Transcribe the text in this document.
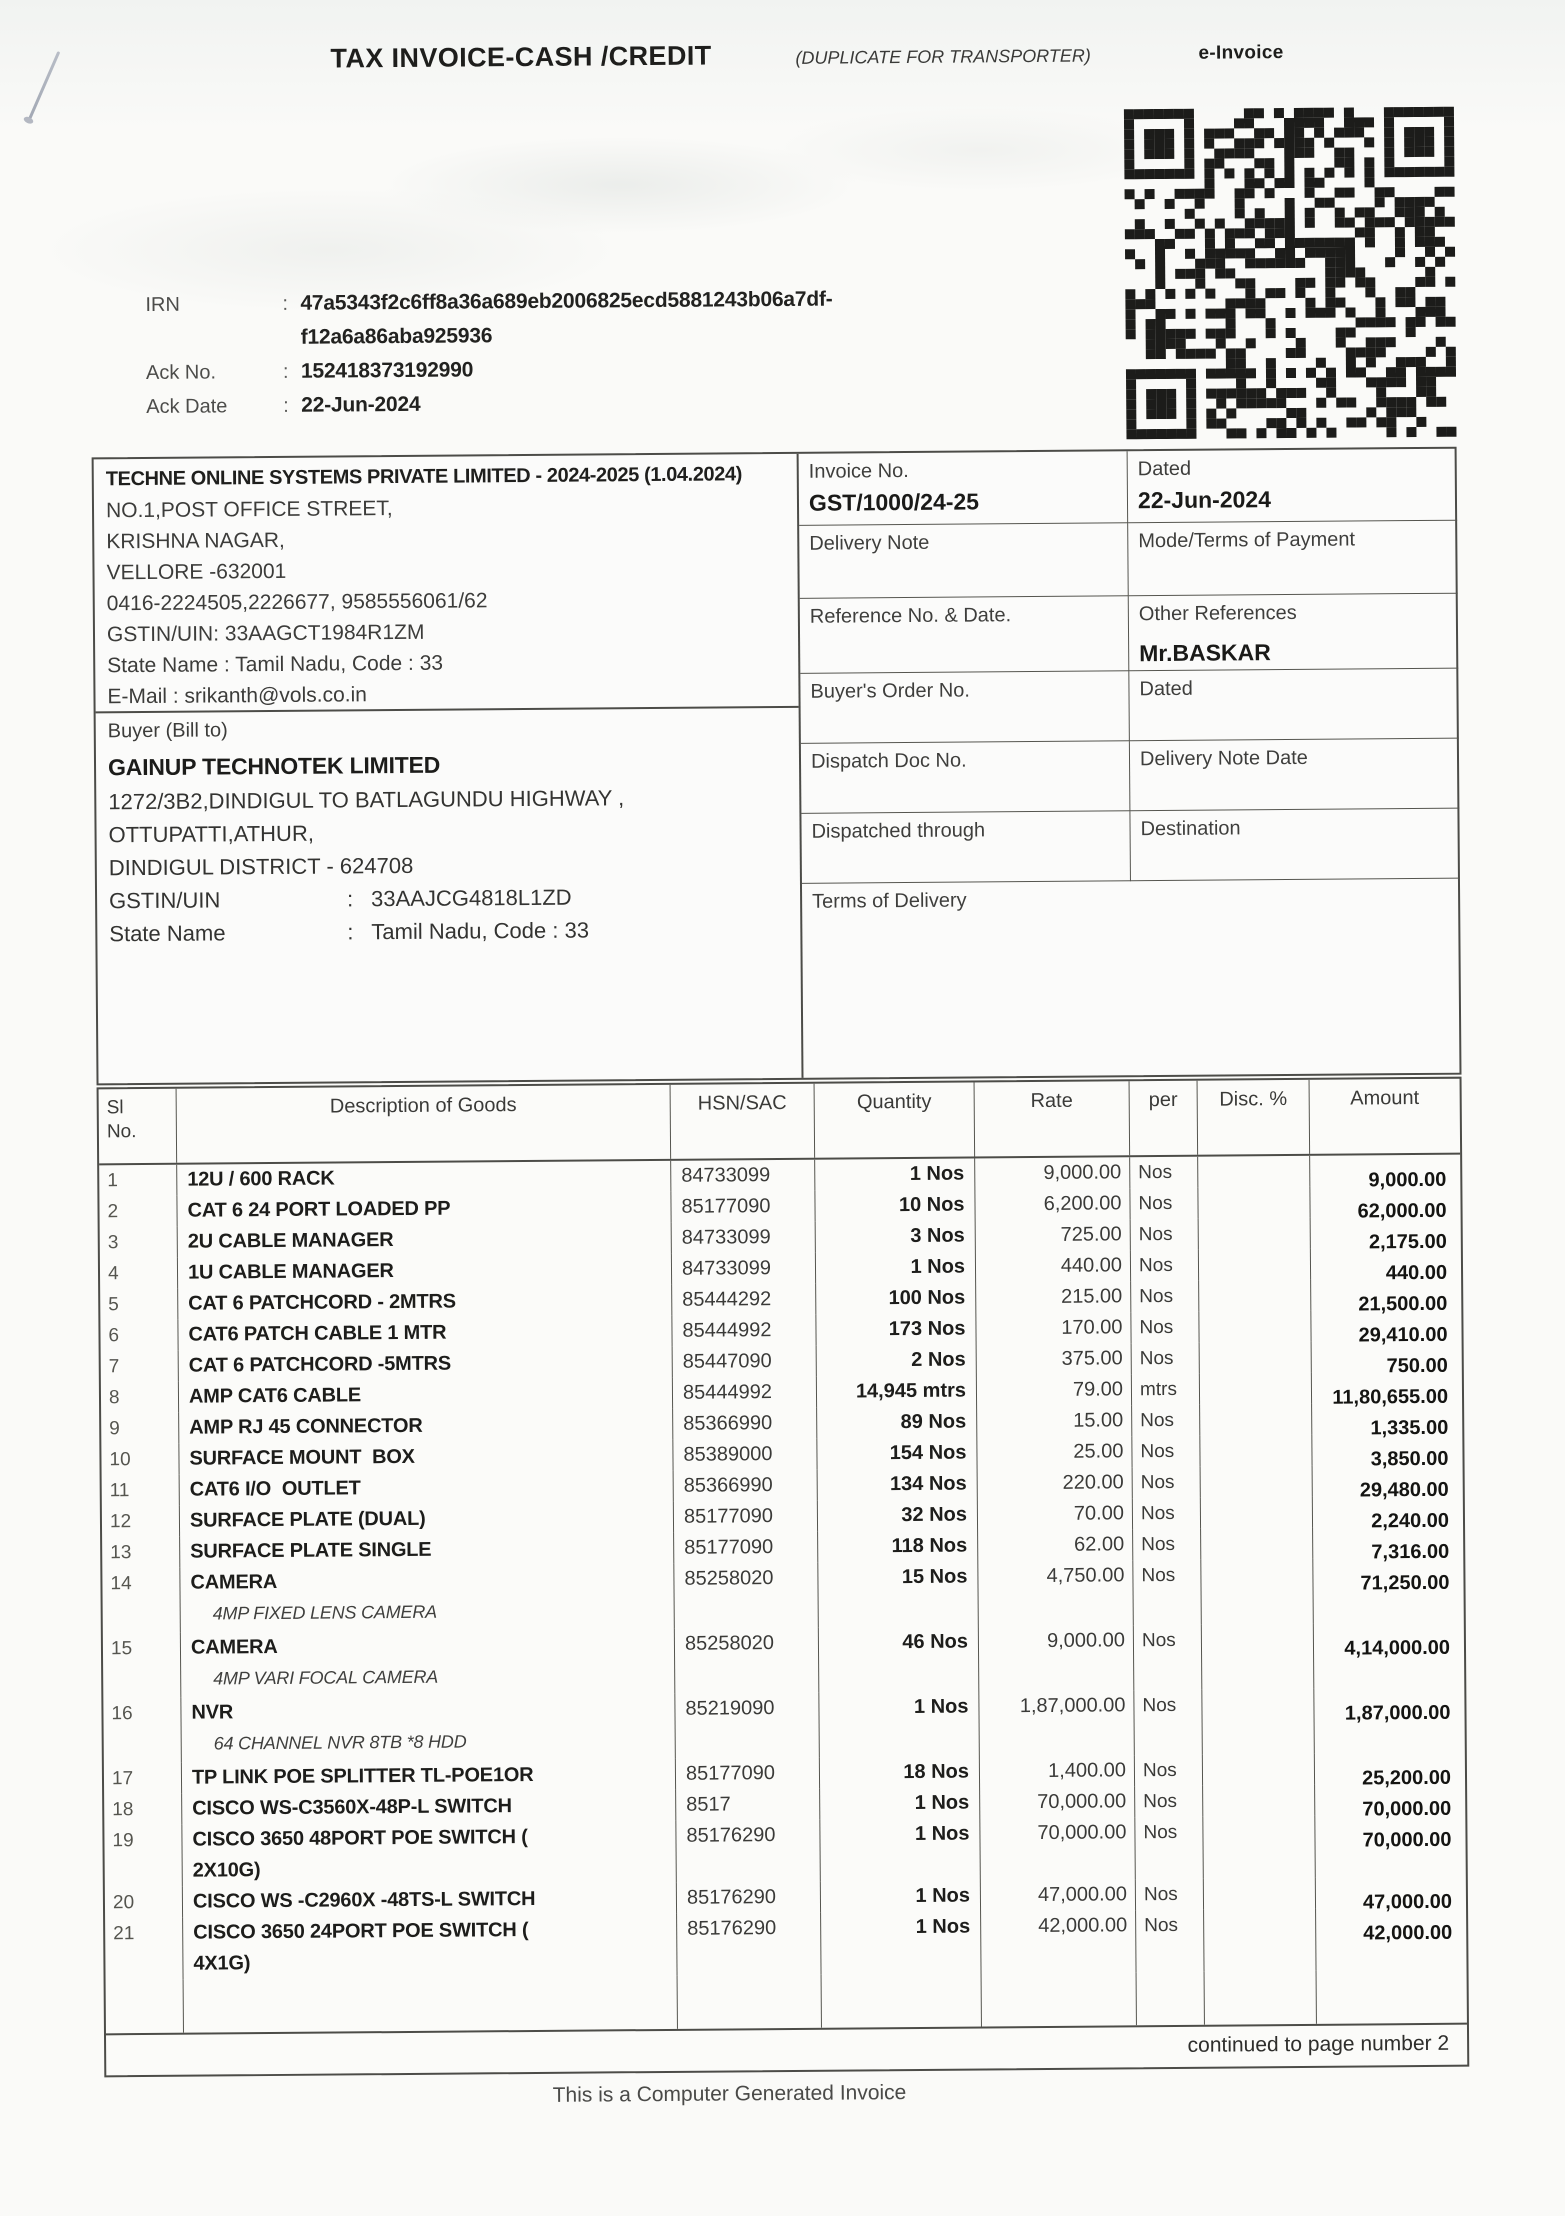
TAX INVOICE-CASH /CREDIT	(DUPLICATE FOR TRANSPORTER)	e-Invoice
IRN	: 47a5343f2c6ff8a36a689eb2006825ecd5881243b06a7df-
f12a6a86aba925936
Ack No.	: 152418373192990
Ack Date	: 22-Jun-2024
TECHNE ONLINE SYSTEMS PRIVATE LIMITED - 2024-2025 (1.04.2024)
NO.1,POST OFFICE STREET,
KRISHNA NAGAR,
VELLORE -632001
0416-2224505,2226677, 9585556061/62
GSTIN/UIN: 33AAGCT1984R1ZM
State Name : Tamil Nadu, Code : 33
E-Mail : srikanth@vols.co.in
Buyer (Bill to)
GAINUP TECHNOTEK LIMITED
1272/3B2,DINDIGUL TO BATLAGUNDU HIGHWAY ,
OTTUPATTI,ATHUR,
DINDIGUL DISTRICT - 624708
GSTIN/UIN	: 33AAJCG4818L1ZD
State Name	: Tamil Nadu, Code : 33
Invoice No.
GST/1000/24-25
Dated
22-Jun-2024
Delivery Note	Mode/Terms of Payment
Reference No. & Date.	Other References
Mr.BASKAR
Buyer's Order No.	Dated
Dispatch Doc No.	Delivery Note Date
Dispatched through	Destination
Terms of Delivery
Sl
No.
Description of Goods	HSN/SAC	Quantity	Rate	per	Disc. %	Amount
1	12U / 600 RACK	84733099	1 Nos	9,000.00 Nos	9,000.00
2	CAT 6 24 PORT LOADED PP	85177090	10 Nos	6,200.00 Nos	62,000.00
3	2U CABLE MANAGER	84733099	3 Nos	725.00 Nos	2,175.00
4	1U CABLE MANAGER	84733099	1 Nos	440.00 Nos	440.00
5	CAT 6 PATCHCORD - 2MTRS	85444292	100 Nos	215.00 Nos	21,500.00
6	CAT6 PATCH CABLE 1 MTR	85444992	173 Nos	170.00 Nos	29,410.00
7	CAT 6 PATCHCORD -5MTRS	85447090	2 Nos	375.00 Nos	750.00
8	AMP CAT6 CABLE	85444992	14,945 mtrs	79.00 mtrs	11,80,655.00
9	AMP RJ 45 CONNECTOR	85366990	89 Nos	15.00 Nos	1,335.00
10	SURFACE MOUNT  BOX	85389000	154 Nos	25.00 Nos	3,850.00
11	CAT6 I/O  OUTLET	85366990	134 Nos	220.00 Nos	29,480.00
12	SURFACE PLATE (DUAL)	85177090	32 Nos	70.00 Nos	2,240.00
13	SURFACE PLATE SINGLE	85177090	118 Nos	62.00 Nos	7,316.00
14	CAMERA
4MP FIXED LENS CAMERA
85258020	15 Nos	4,750.00 Nos	71,250.00
15	CAMERA
4MP VARI FOCAL CAMERA
85258020	46 Nos	9,000.00 Nos	4,14,000.00
16	NVR
64 CHANNEL NVR 8TB *8 HDD
85219090	1 Nos	1,87,000.00 Nos	1,87,000.00
17	TP LINK POE SPLITTER TL-POE1OR	85177090	18 Nos	1,400.00 Nos	25,200.00
18	CISCO WS-C3560X-48P-L SWITCH	8517	1 Nos	70,000.00 Nos	70,000.00
19	CISCO 3650 48PORT POE SWITCH (
2X10G)
85176290	1 Nos	70,000.00 Nos	70,000.00
20	CISCO WS -C2960X -48TS-L SWITCH	85176290	1 Nos	47,000.00 Nos	47,000.00
21	CISCO 3650 24PORT POE SWITCH (
4X1G)
85176290	1 Nos	42,000.00 Nos	42,000.00
continued to page number 2
This is a Computer Generated Invoice
